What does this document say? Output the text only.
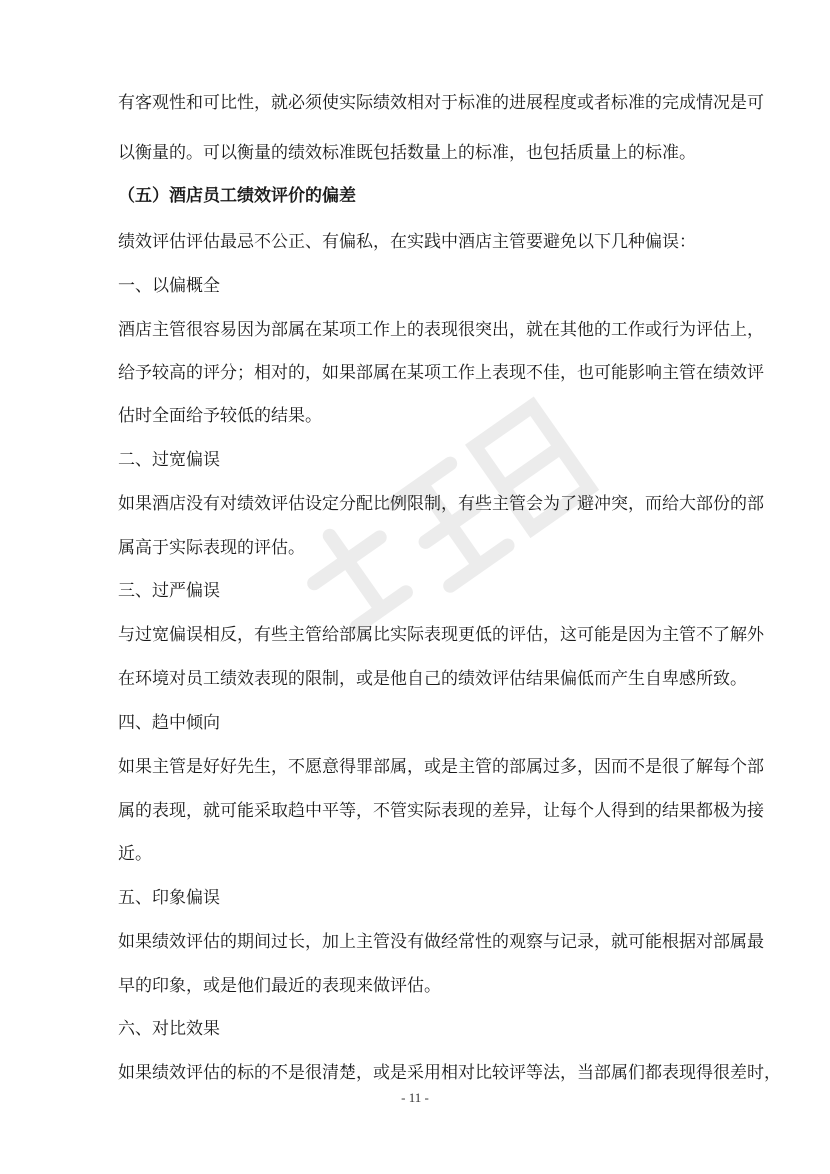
有客观性和可比性，就必须使实际绩效相对于标准的进展程度或者标准的完成情况是可
以衡量的。可以衡量的绩效标准既包括数量上的标准，也包括质量上的标准。
（五）酒店员工绩效评价的偏差
绩效评估评估最忌不公正、有偏私，在实践中酒店主管要避免以下几种偏误：
一、以偏概全
酒店主管很容易因为部属在某项工作上的表现很突出，就在其他的工作或行为评估上，
给予较高的评分；相对的，如果部属在某项工作上表现不佳，也可能影响主管在绩效评
估时全面给予较低的结果。
二、过宽偏误
如果酒店没有对绩效评估设定分配比例限制，有些主管会为了避冲突，而给大部份的部
属高于实际表现的评估。
三、过严偏误
与过宽偏误相反，有些主管给部属比实际表现更低的评估，这可能是因为主管不了解外
在环境对员工绩效表现的限制，或是他自己的绩效评估结果偏低而产生自卑感所致。
四、趋中倾向
如果主管是好好先生，不愿意得罪部属，或是主管的部属过多，因而不是很了解每个部
属的表现，就可能采取趋中平等，不管实际表现的差异，让每个人得到的结果都极为接
近。
五、印象偏误
如果绩效评估的期间过长，加上主管没有做经常性的观察与记录，就可能根据对部属最
早的印象，或是他们最近的表现来做评估。
六、对比效果
如果绩效评估的标的不是很清楚，或是采用相对比较评等法，当部属们都表现得很差时，
- 11 -
